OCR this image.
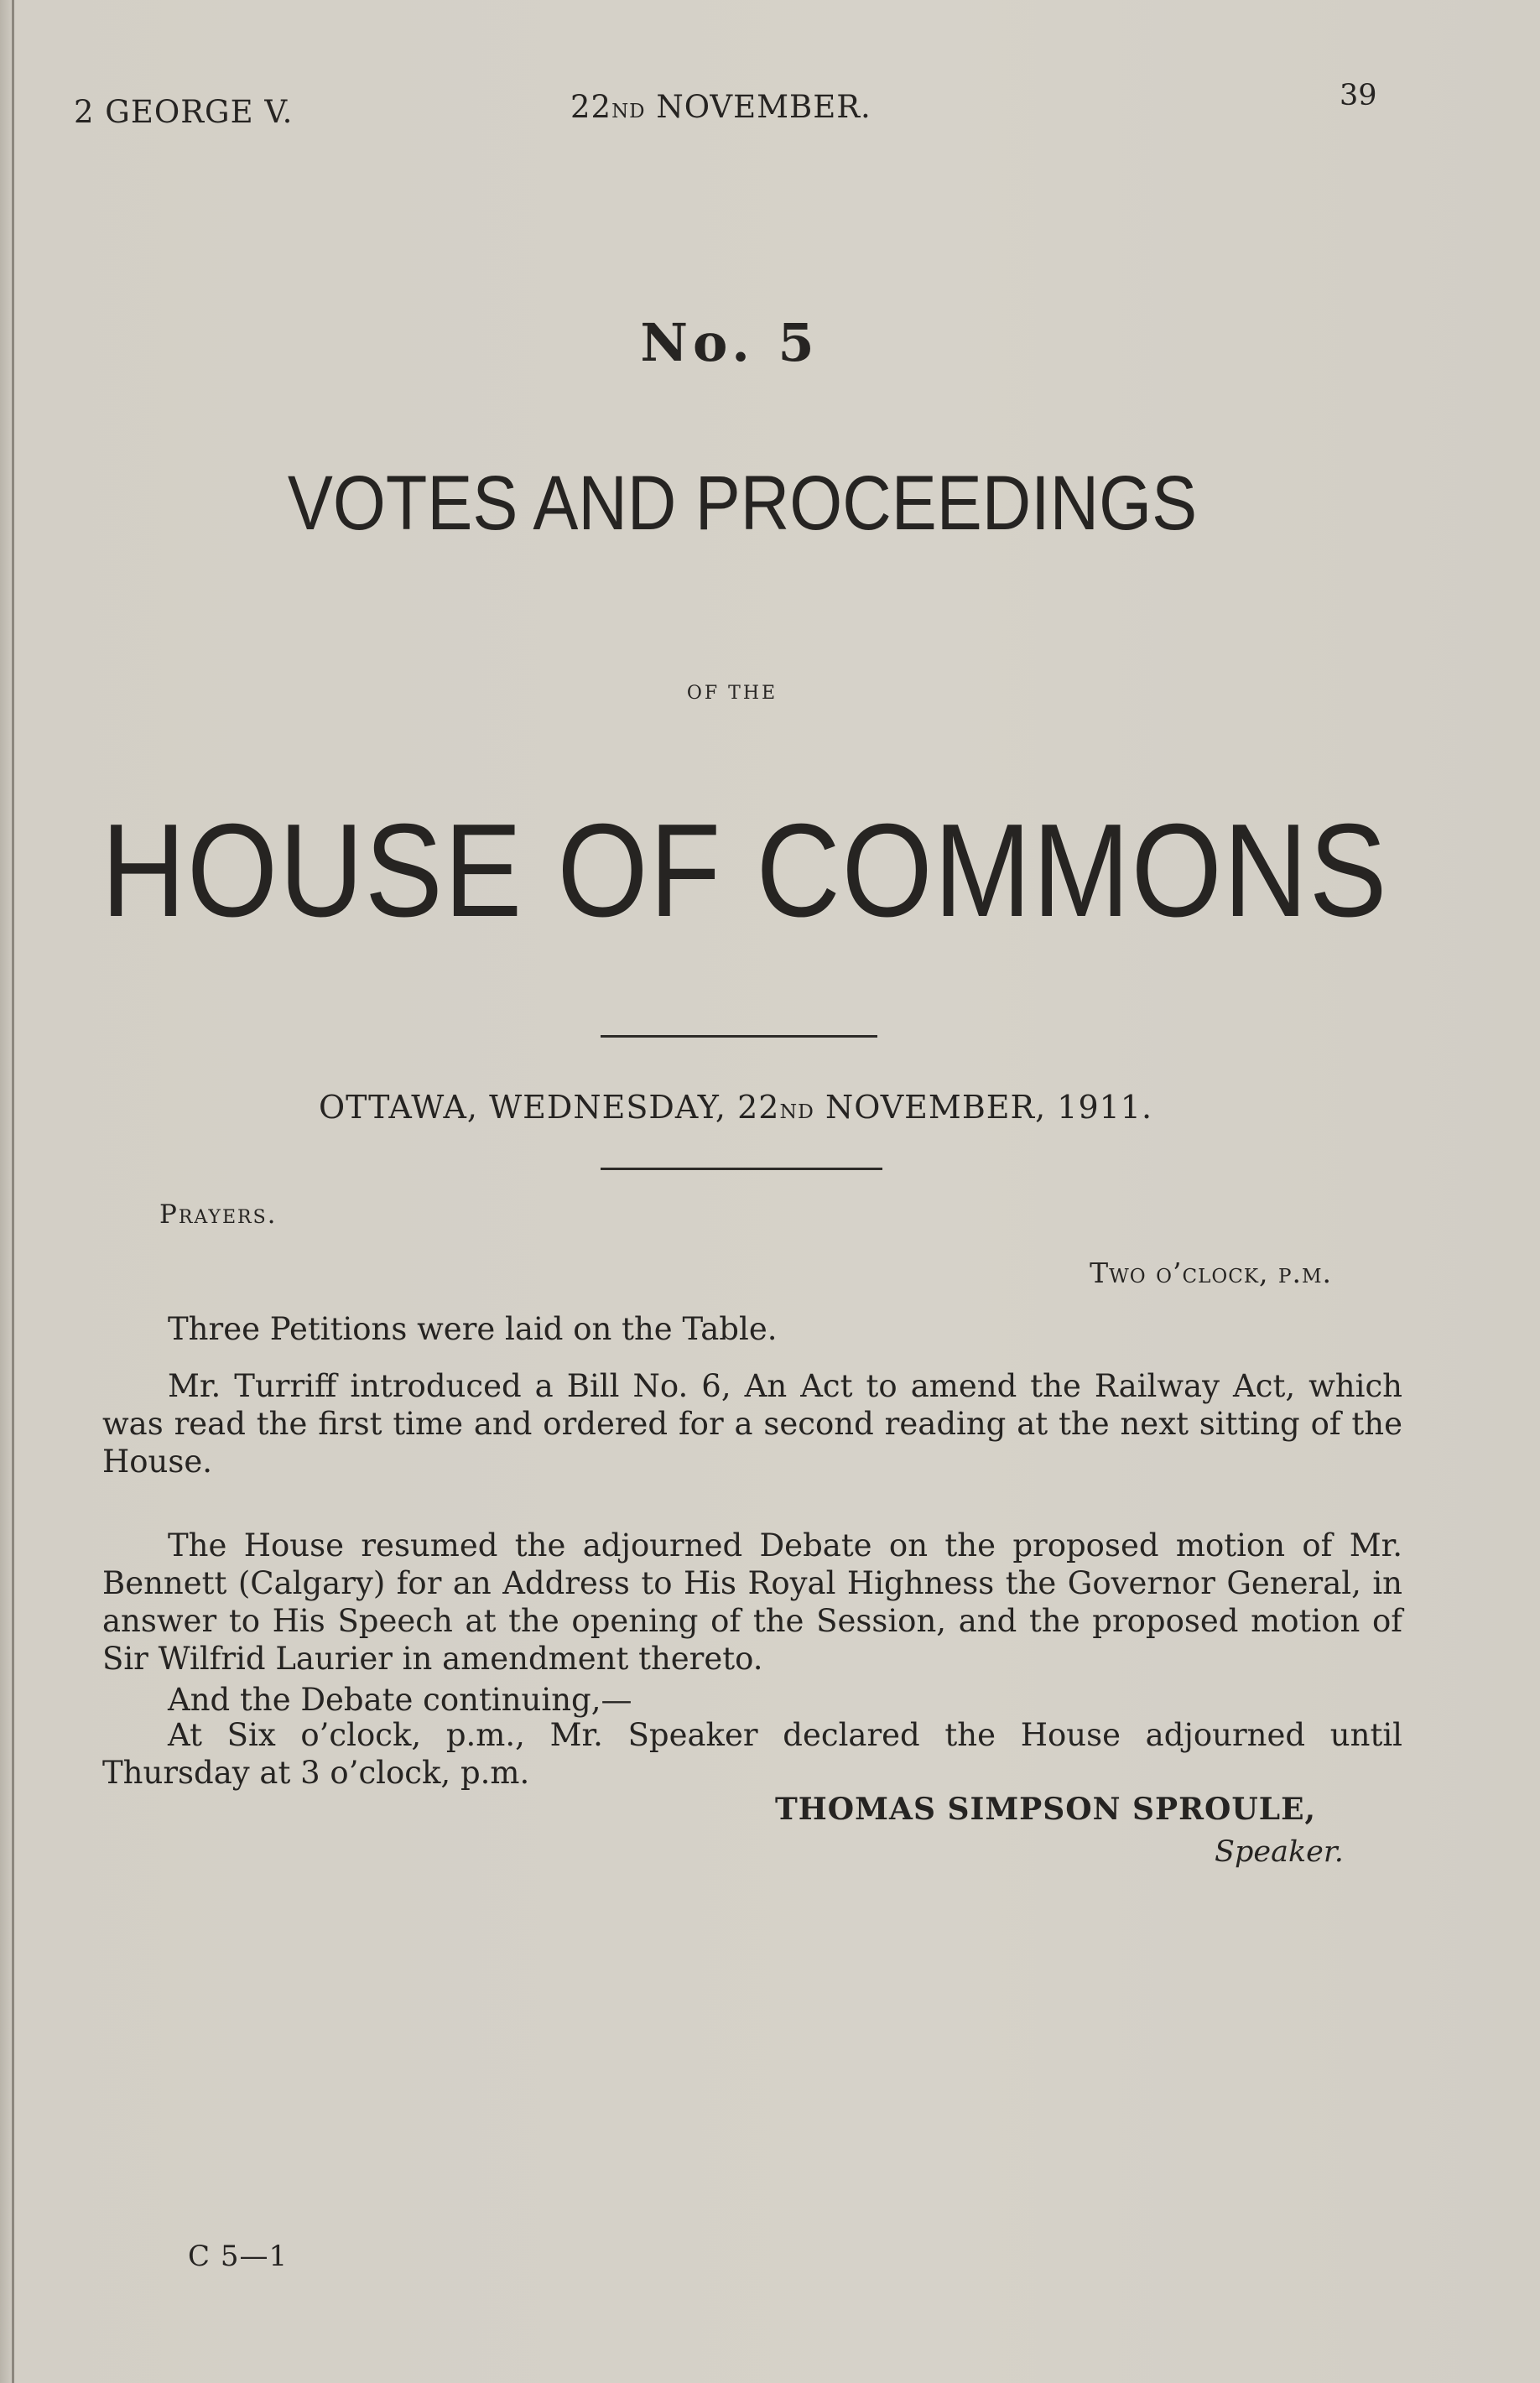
2 GEORGE V.	22ND NOVEMBER.	39
No. 5
VOTES AND PROCEEDINGS
OF THE
HOUSE OF COMMONS
OTTAWA, WEDNESDAY, 22ND NOVEMBER, 1911.
Prayers.
Two o’clock, p.m.
Three Petitions were laid on the Table.
Mr. Turriff introduced a Bill No. 6, An Act to amend the Railway Act, which was read the first time and ordered for a second reading at the next sitting of the House.
The House resumed the adjourned Debate on the proposed motion of Mr. Bennett (Calgary) for an Address to His Royal Highness the Governor General, in answer to His Speech at the opening of the Session, and the proposed motion of Sir Wilfrid Laurier in amendment thereto.
And the Debate continuing,—
At Six o’clock, p.m., Mr. Speaker declared the House adjourned until Thursday at 3 o’clock, p.m.
THOMAS SIMPSON SPROULE,
Speaker.
C 5—1
